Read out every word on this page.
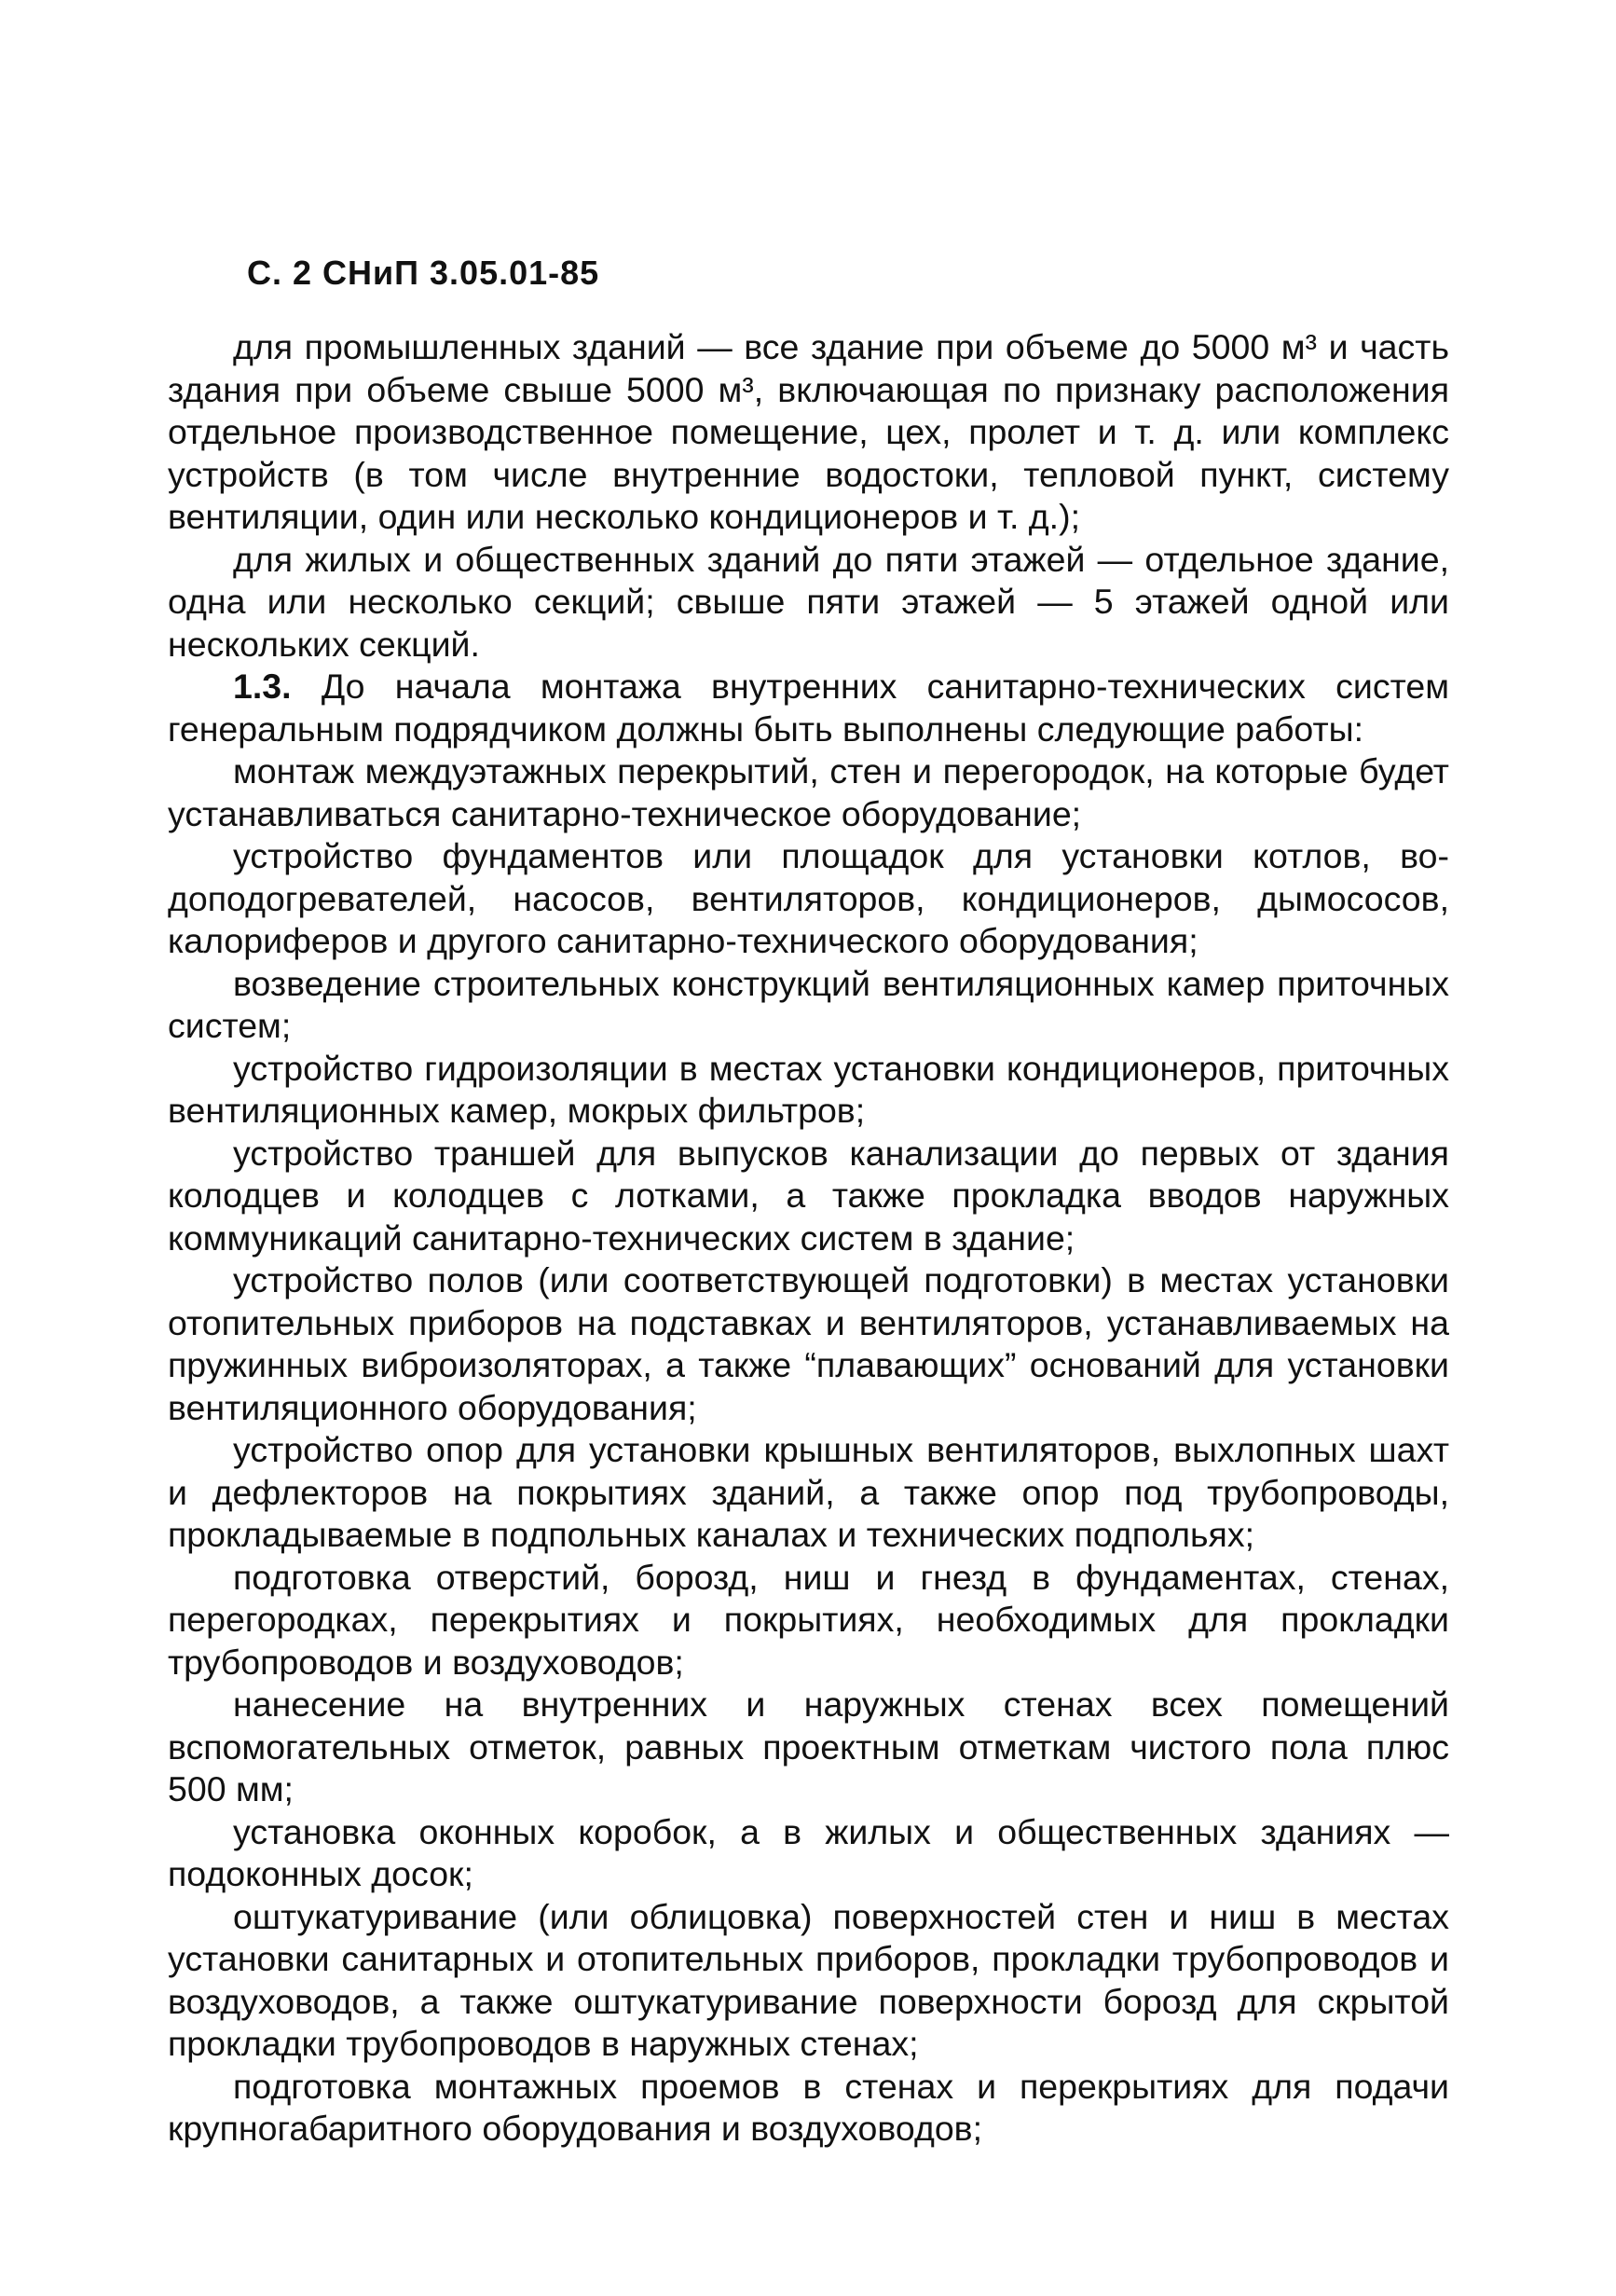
С. 2 СНиП 3.05.01-85

для промышленных зданий — все здание при объеме до 5000 м³ и часть здания при объеме свыше 5000 м³, включающая по признаку расположения отдельное производственное помещение, цех, пролет и т. д. или комплекс устройств (в том числе внутренние водостоки, тепловой пункт, систему вентиляции, один или несколько кондиционеров и т. д.);

для жилых и общественных зданий до пяти этажей — отдельное здание, одна или несколько секций; свыше пяти этажей — 5 этажей одной или нескольких секций.

1.3. До начала монтажа внутренних санитарно-технических систем генеральным подрядчиком должны быть выполнены следующие работы:

монтаж междуэтажных перекрытий, стен и перегородок, на которые будет устанавливаться санитарно-техническое оборудование;

устройство фундаментов или площадок для установки котлов, водоподогревателей, насосов, вентиляторов, кондиционеров, дымососов, калориферов и другого санитарно-технического оборудования;

возведение строительных конструкций вентиляционных камер приточных систем;

устройство гидроизоляции в местах установки кондиционеров, приточных вентиляционных камер, мокрых фильтров;

устройство траншей для выпусков канализации до первых от здания колодцев и колодцев с лотками, а также прокладка вводов наружных коммуникаций санитарно-технических систем в здание;

устройство полов (или соответствующей подготовки) в местах установки отопительных приборов на подставках и вентиляторов, устанавливаемых на пружинных виброизоляторах, а также “плавающих” оснований для установки вентиляционного оборудования;

устройство опор для установки крышных вентиляторов, выхлопных шахт и дефлекторов на покрытиях зданий, а также опор под трубопроводы, прокладываемые в подпольных каналах и технических подпольях;

подготовка отверстий, борозд, ниш и гнезд в фундаментах, стенах, перегородках, перекрытиях и покрытиях, необходимых для прокладки трубопроводов и воздуховодов;

нанесение на внутренних и наружных стенах всех помещений вспомогательных отметок, равных проектным отметкам чистого пола плюс 500 мм;

установка оконных коробок, а в жилых и общественных зданиях — подоконных досок;

оштукатуривание (или облицовка) поверхностей стен и ниш в местах установки санитарных и отопительных приборов, прокладки трубопроводов и воздуховодов, а также оштукатуривание поверхности борозд для скрытой прокладки трубопроводов в наружных стенах;

подготовка монтажных проемов в стенах и перекрытиях для подачи крупногабаритного оборудования и воздуховодов;
